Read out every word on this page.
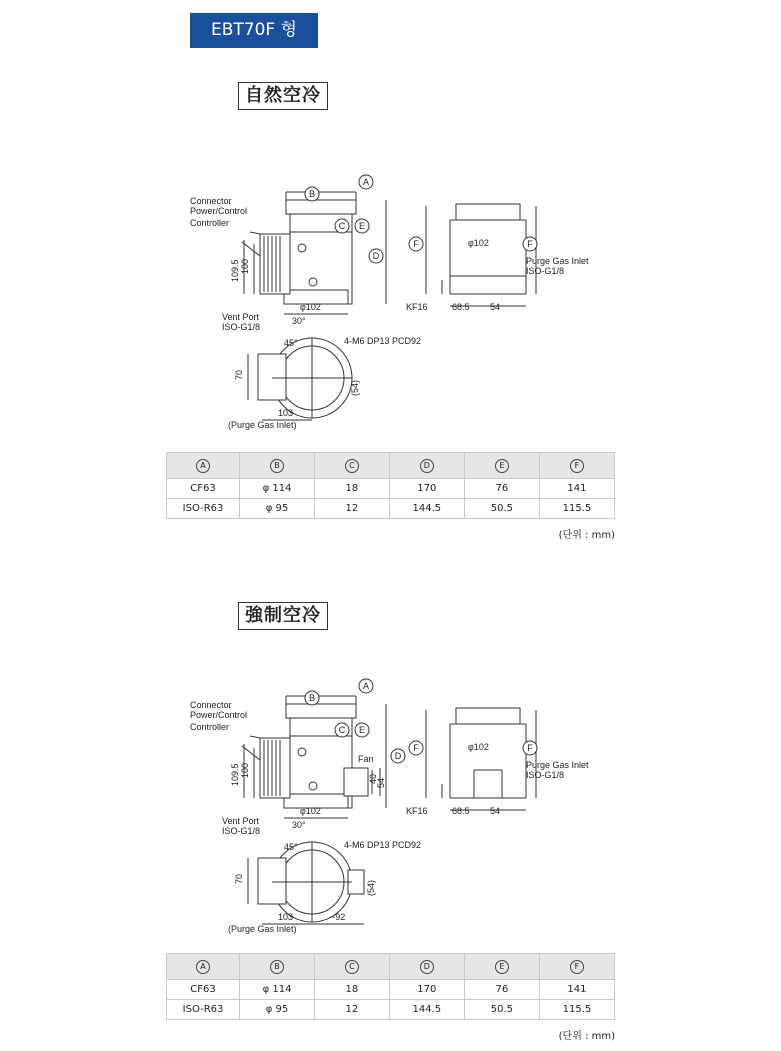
EBT70F 형
自然空冷
Connector
Power/Control
Controller
109.5 100
φ102
Vent Port
ISO-G1/8
30°
45°	4-M6 DP13 PCD92
70
(54)
103
(Purge Gas Inlet)
φ102
Purge Gas Inlet
ISO-G1/8
KF16	68.5 54
A
B
C
D
E
F	F
A	B	C	D	E	F
CF63	φ 114	18	170	76	141
ISO-R63	φ 95	12	144.5	50.5	115.5
(단위 : mm)
強制空冷
Connector
Power/Control
Controller
109.5 100
φ102
Fan
40
54
Vent Port
ISO-G1/8
30°
45°	4-M6 DP13 PCD92
70
(54)
103	~92
(Purge Gas Inlet)
φ102
Purge Gas Inlet
ISO-G1/8
KF16	68.5 54
A
B
C
D
E
F	F
A	B	C	D	E	F
CF63	φ 114	18	170	76	141
ISO-R63	φ 95	12	144.5	50.5	115.5
(단위 : mm)
